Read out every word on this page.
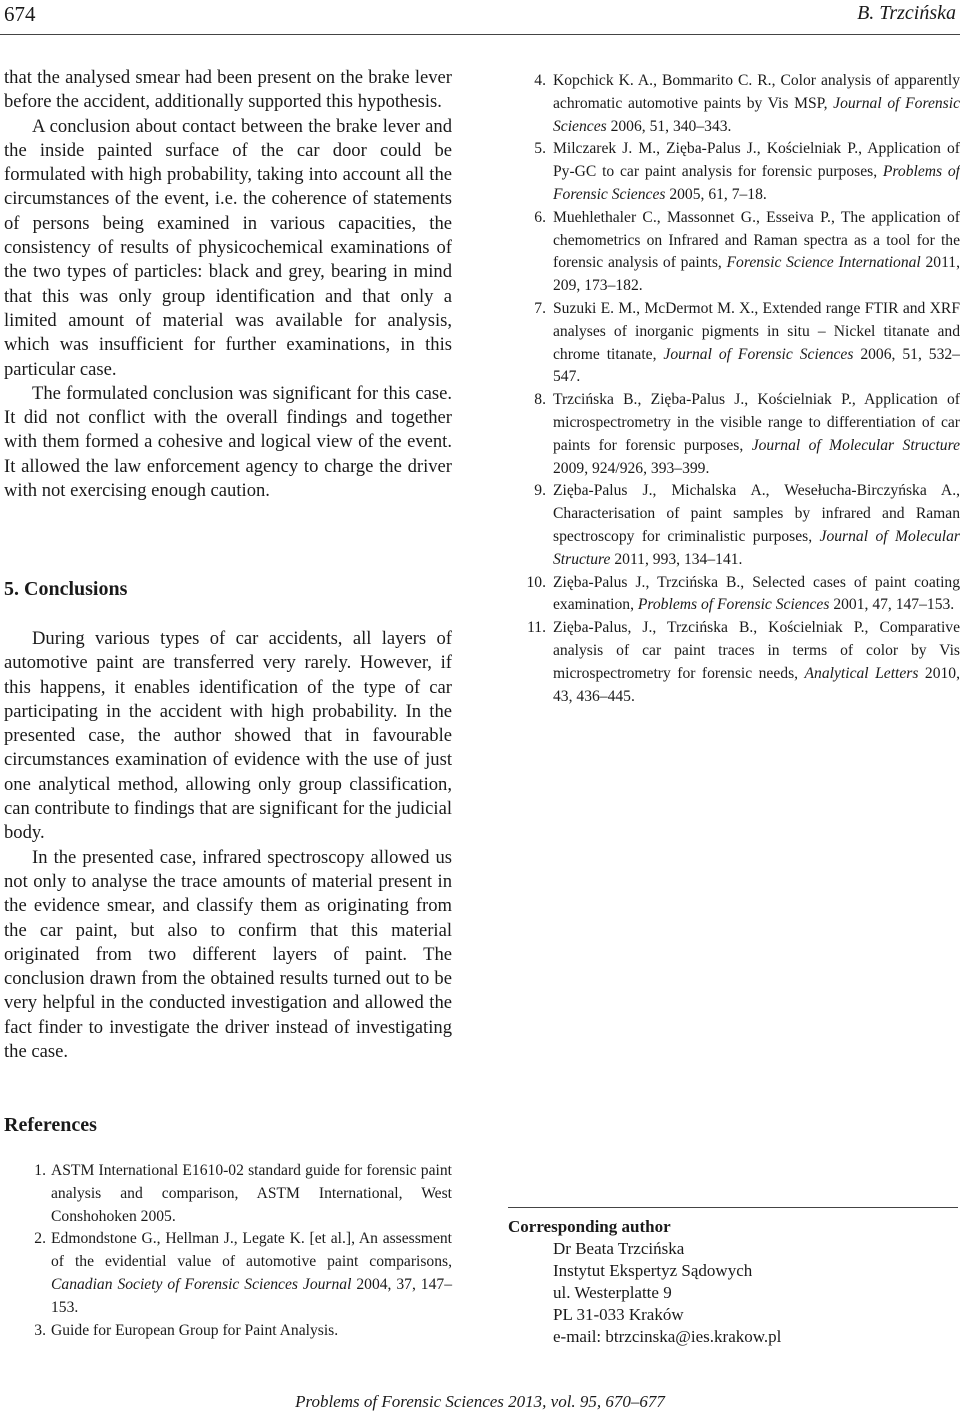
674	B. Trzcińska

that the analysed smear had been present on the brake lever before the accident, additionally supported this hypothesis.

A conclusion about contact between the brake lever and the inside painted surface of the car door could be formulated with high probability, taking into account all the circumstances of the event, i.e. the coherence of statements of persons being examined in various capacities, the consistency of results of physicochemical examinations of the two types of particles: black and grey, bearing in mind that this was only group identification and that only a limited amount of material was available for analysis, which was insufficient for further examinations, in this particular case.

The formulated conclusion was significant for this case. It did not conflict with the overall findings and together with them formed a cohesive and logical view of the event. It allowed the law enforcement agency to charge the driver with not exercising enough caution.

5. Conclusions

During various types of car accidents, all layers of automotive paint are transferred very rarely. However, if this happens, it enables identification of the type of car participating in the accident with high probability. In the presented case, the author showed that in favourable circumstances examination of evidence with the use of just one analytical method, allowing only group classification, can contribute to findings that are significant for the judicial body.

In the presented case, infrared spectroscopy allowed us not only to analyse the trace amounts of material present in the evidence smear, and classify them as originating from the car paint, but also to confirm that this material originated from two different layers of paint. The conclusion drawn from the obtained results turned out to be very helpful in the conducted investigation and allowed the fact finder to investigate the driver instead of investigating the case.

References
1. ASTM International E1610-02 standard guide for forensic paint analysis and comparison, ASTM International, West Conshohoken 2005.
2. Edmondstone G., Hellman J., Legate K. [et al.], An assessment of the evidential value of automotive paint comparisons, Canadian Society of Forensic Sciences Journal 2004, 37, 147–153.
3. Guide for European Group for Paint Analysis.
4. Kopchick K. A., Bommarito C. R., Color analysis of apparently achromatic automotive paints by Vis MSP, Journal of Forensic Sciences 2006, 51, 340–343.
5. Milczarek J. M., Zięba-Palus J., Kościelniak P., Application of Py-GC to car paint analysis for forensic purposes, Problems of Forensic Sciences 2005, 61, 7–18.
6. Muehlethaler C., Massonnet G., Esseiva P., The application of chemometrics on Infrared and Raman spectra as a tool for the forensic analysis of paints, Forensic Science International 2011, 209, 173–182.
7. Suzuki E. M., McDermot M. X., Extended range FTIR and XRF analyses of inorganic pigments in situ – Nickel titanate and chrome titanate, Journal of Forensic Sciences 2006, 51, 532–547.
8. Trzcińska B., Zięba-Palus J., Kościelniak P., Application of microspectrometry in the visible range to differentiation of car paints for forensic purposes, Journal of Molecular Structure 2009, 924/926, 393–399.
9. Zięba-Palus J., Michalska A., Wesełucha-Birczyńska A., Characterisation of paint samples by infrared and Raman spectroscopy for criminalistic purposes, Journal of Molecular Structure 2011, 993, 134–141.
10. Zięba-Palus J., Trzcińska B., Selected cases of paint coating examination, Problems of Forensic Sciences 2001, 47, 147–153.
11. Zięba-Palus, J., Trzcińska B., Kościelniak P., Comparative analysis of car paint traces in terms of color by Vis microspectrometry for forensic needs, Analytical Letters 2010, 43, 436–445.

Corresponding author

Dr Beata Trzcińska

Instytut Ekspertyz Sądowych

ul. Westerplatte 9

PL 31-033 Kraków

e-mail: btrzcinska@ies.krakow.pl

Problems of Forensic Sciences 2013, vol. 95, 670–677
